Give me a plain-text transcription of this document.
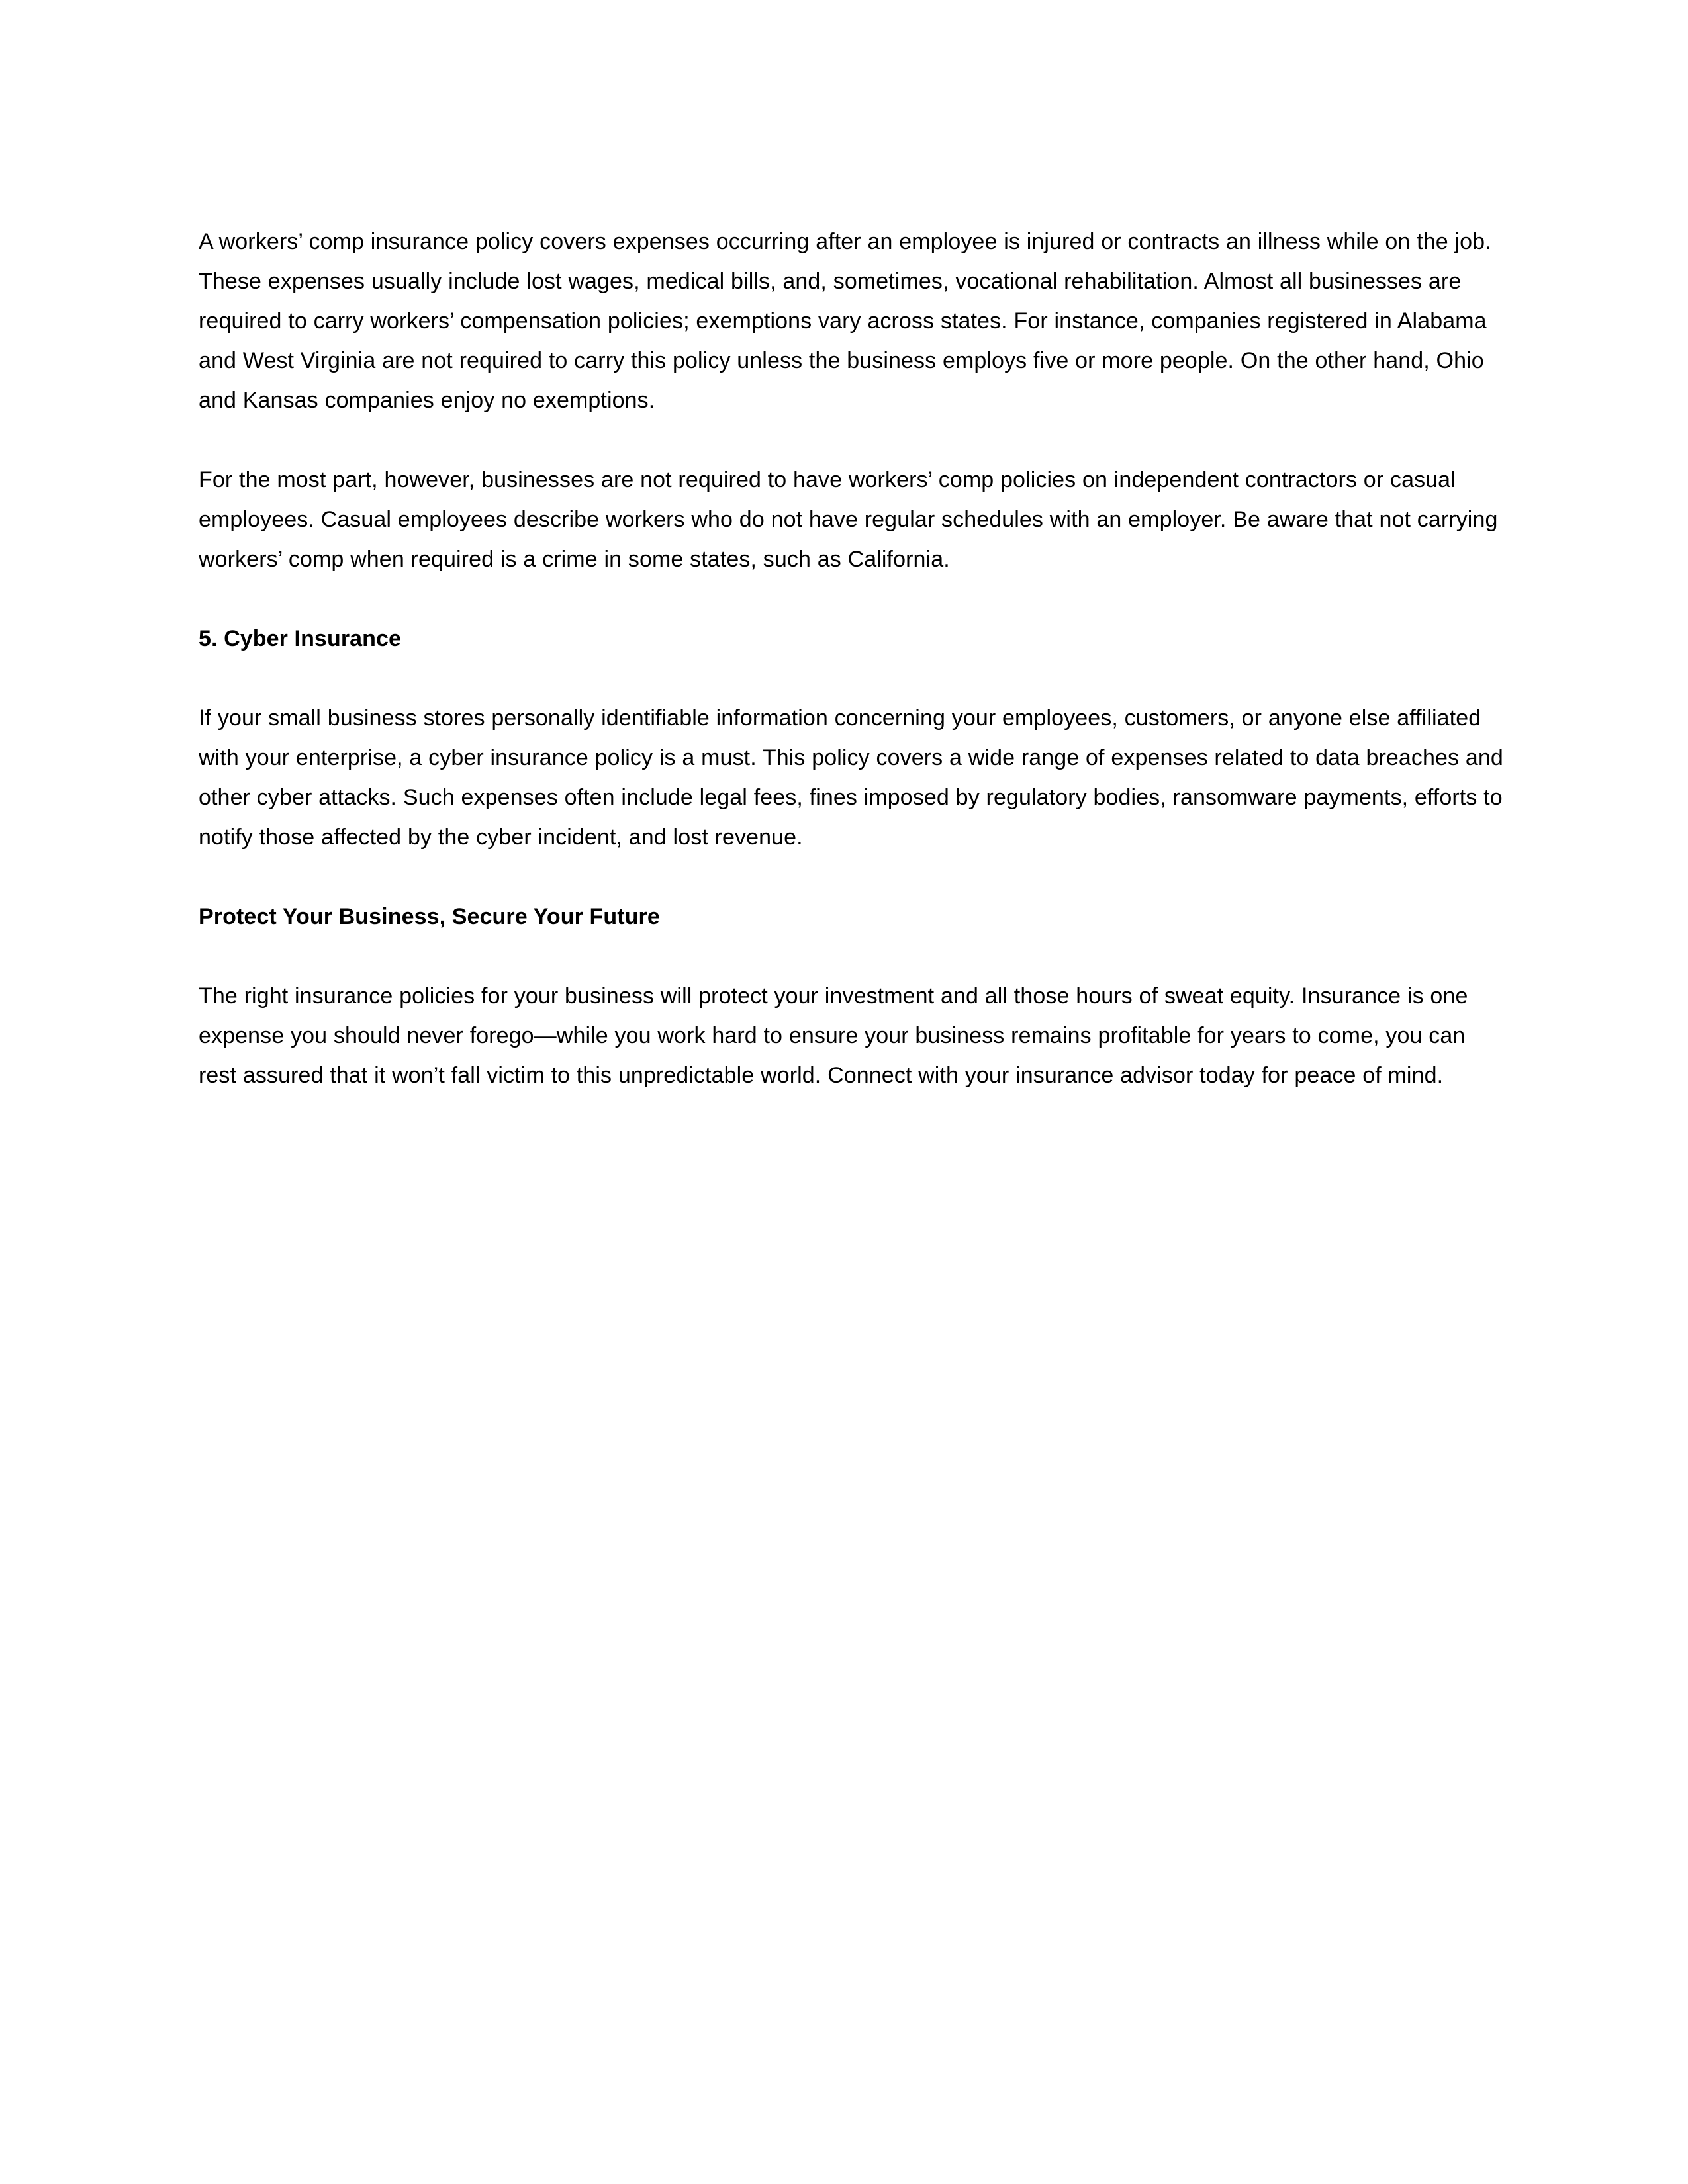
A workers’ comp insurance policy covers expenses occurring after an employee is injured or contracts an illness while on the job. These expenses usually include lost wages, medical bills, and, sometimes, vocational rehabilitation. Almost all businesses are required to carry workers’ compensation policies; exemptions vary across states. For instance, companies registered in Alabama and West Virginia are not required to carry this policy unless the business employs five or more people. On the other hand, Ohio and Kansas companies enjoy no exemptions.

For the most part, however, businesses are not required to have workers’ comp policies on independent contractors or casual employees. Casual employees describe workers who do not have regular schedules with an employer. Be aware that not carrying workers’ comp when required is a crime in some states, such as California.

5. Cyber Insurance

If your small business stores personally identifiable information concerning your employees, customers, or anyone else affiliated with your enterprise, a cyber insurance policy is a must. This policy covers a wide range of expenses related to data breaches and other cyber attacks. Such expenses often include legal fees, fines imposed by regulatory bodies, ransomware payments, efforts to notify those affected by the cyber incident, and lost revenue.

Protect Your Business, Secure Your Future

The right insurance policies for your business will protect your investment and all those hours of sweat equity. Insurance is one expense you should never forego—while you work hard to ensure your business remains profitable for years to come, you can rest assured that it won’t fall victim to this unpredictable world. Connect with your insurance advisor today for peace of mind.
